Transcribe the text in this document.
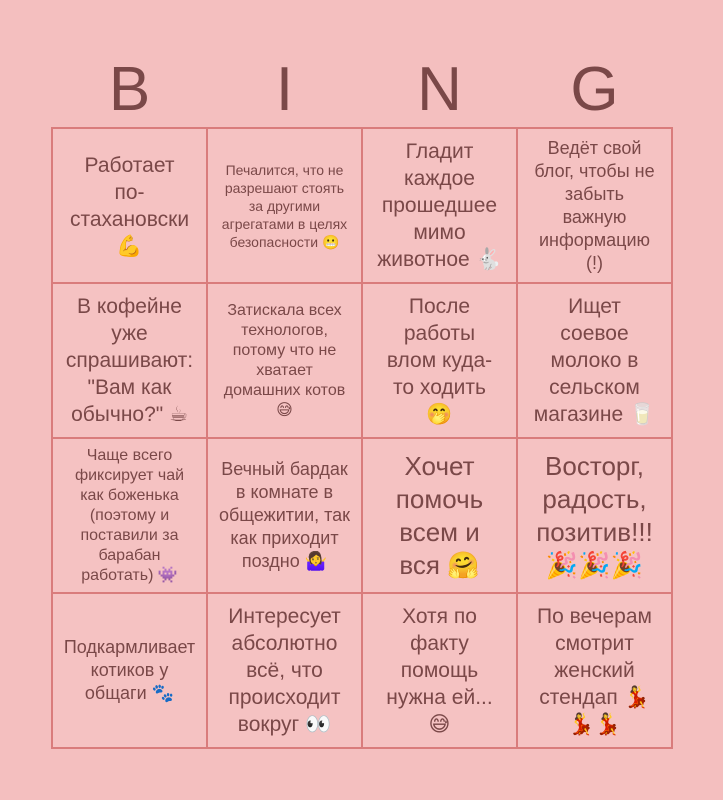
B	I	N	G
Работает
по-
стахановски
💪
Печалится, что не
разрешают стоять
за другими
агрегатами в целях
безопасности 😬
Гладит
каждое
прошедшее
мимо
животное 🐇
Ведёт свой
блог, чтобы не
забыть
важную
информацию
(!)
В кофейне
уже
спрашивают:
"Вам как
обычно?" ☕
Затискала всех
технологов,
потому что не
хватает
домашних котов
😅
После
работы
влом куда-
то ходить
🤭
Ищет
соевое
молоко в
сельском
магазине 🥛
Чаще всего
фиксирует чай
как боженька
(поэтому и
поставили за
барабан
работать) 👾
Вечный бардак
в комнате в
общежитии, так
как приходит
поздно 🤷‍♀️
Хочет
помочь
всем и
вся 🤗
Восторг,
радость,
позитив!!!
🎉🎉🎉
Подкармливает
котиков у
общаги 🐾
Интересует
абсолютно
всё, что
происходит
вокруг 👀
Хотя по
факту
помощь
нужна ей...
😅
По вечерам
смотрит
женский
стендап 💃
💃💃
